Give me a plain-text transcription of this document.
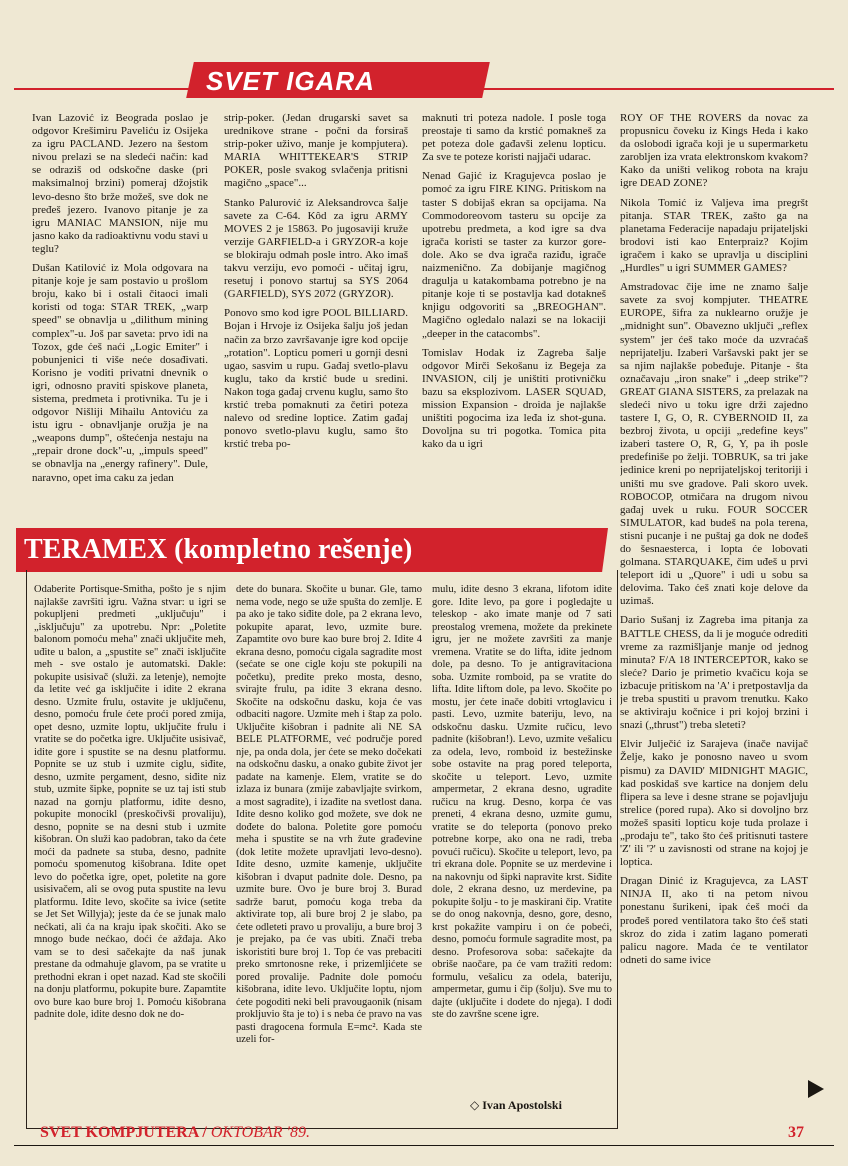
SVET IGARA

Ivan Lazović iz Beograda poslao je odgovor Krešimiru Paveliću iz Osijeka za igru PACLAND. Jezero na šestom nivou prelazi se na sledeći način: kad se odraziš od odskočne daske (pri maksimalnoj brzini) pomeraj džojstik levo-desno što brže možeš, sve dok ne pređeš jezero. Ivanovo pitanje je za igru MANIAC MANSION, nije mu jasno kako da radioaktivnu vodu stavi u teglu?

Dušan Katilović iz Mola odgovara na pitanje koje je sam postavio u prošlom broju, kako bi i ostali čitaoci imali koristi od toga: STAR TREK, „warp speed" se obnavlja u „dilithum mining complex"-u. Još par saveta: prvo idi na Tozox, gde ćeš naći „Logic Emiter" i pobunjenici ti više neće dosađivati. Korisno je voditi privatni dnevnik o igri, odnosno praviti spiskove planeta, sistema, predmeta i protivnika. Tu je i odgovor Nišliji Mihailu Antoviću za istu igru - obnavljanje oružja je na „weapons dump", oštećenja nestaju na „repair drone dock"-u, „impuls speed" se obnavlja na „energy rafinery". Dule, naravno, opet ima caku za jedan

strip-poker. (Jedan drugarski savet sa urednikove strane - počni da forsiraš strip-poker uživo, manje je kompjutera). MARIA WHITTEKEAR'S STRIP POKER, posle svakog svlačenja pritisni magično „space"...

Stanko Palurović iz Aleksandrovca šalje savete za C-64. Kôd za igru ARMY MOVES 2 je 15863. Po jugosaviji kruže verzije GARFIELD-a i GRYZOR-a koje se blokiraju odmah posle intro. Ako imaš takvu verziju, evo pomoći - učitaj igru, resetuj i ponovo startuj sa SYS 2064 (GARFIELD), SYS 2072 (GRYZOR).

Ponovo smo kod igre POOL BILLIARD. Bojan i Hrvoje iz Osijeka šalju još jedan način za brzo završavanje igre kod opcije „rotation". Lopticu pomeri u gornji desni ugao, sasvim u rupu. Gađaj svetlo-plavu kuglu, tako da krstić bude u sredini. Nakon toga gađaj crvenu kuglu, samo što krstić treba pomaknuti za četiri poteza nalevo od sredine loptice. Zatim gađaj ponovo svetlo-plavu kuglu, samo što krstić treba po-

maknuti tri poteza nadole. I posle toga preostaje ti samo da krstić pomakneš za pet poteza dole gađavši zelenu lopticu. Za sve te poteze koristi najjači udarac.

Nenad Gajić iz Kragujevca poslao je pomoć za igru FIRE KING. Pritiskom na taster S dobijaš ekran sa opcijama. Na Commodoreovom tasteru su opcije za upotrebu predmeta, a kod igre sa dva igrača koristi se taster za kurzor gore-dole. Ako se dva igrača raziđu, igrače naizmenično. Za dobijanje magičnog dragulja u katakombama potrebno je na pitanje koje ti se postavlja kad dotakneš knjigu odgovoriti sa „BREOGHAN". Magično ogledalo nalazi se na lokaciji „deeper in the catacombs".

Tomislav Hodak iz Zagreba šalje odgovor Mirči Sekošanu iz Begeja za INVASION, cilj je uništiti protivničku bazu sa eksplozivom. LASER SQUAD, mission Expansion - droida je najlakše uništiti pogocima iza leđa iz shot-guna. Dovoljna su tri pogotka. Tomica pita kako da u igri

ROY OF THE ROVERS da novac za propusnicu čoveku iz Kings Heda i kako da oslobodi igrača koji je u supermarketu zarobljen iza vrata elektronskom kvakom? Kako da uništi velikog robota na kraju igre DEAD ZONE?

Nikola Tomić iz Valjeva ima pregršt pitanja. STAR TREK, zašto ga na planetama Federacije napadaju prijateljski brodovi isti kao Enterpraiz? Kojim igračem i kako se upravlja u disciplini „Hurdles" u igri SUMMER GAMES?

Amstradovac čije ime ne znamo šalje savete za svoj kompjuter. THEATRE EUROPE, šifra za nuklearno oružje je „midnight sun". Obavezno uključi „reflex system" jer ćeš tako moće da uzvraćaš neprijatelju. Izaberi Varšavski pakt jer se sa njim najlakše pobeđuje. Pitanje - šta označavaju „iron snake" i „deep strike"? GREAT GIANA SISTERS, za prelazak na sledeći nivo u toku igre drži zajedno tastere I, G, O, R. CYBERNOID II, za bezbroj života, u opciji „redefine keys" izaberi tastere O, R, G, Y, pa ih posle predefiniše po želji. TOBRUK, sa tri jake jedinice kreni po neprijateljskoj teritoriji i uništi mu sve gradove. Pali skoro uvek. ROBOCOP, otmičara na drugom nivou gađaj uvek u ruku. FOUR SOCCER SIMULATOR, kad budeš na pola terena, stisni pucanje i ne puštaj ga dok ne dođeš do šesnaesterca, i lopta će lobovati golmana. STARQUAKE, čim uđeš u prvi teleport idi u „Quore" i udi u sobu sa delovima. Tako ćeš znati koje delove da uzimaš.

Dario Sušanj iz Zagreba ima pitanja za BATTLE CHESS, da li je moguće odrediti vreme za razmišljanje manje od jednog minuta? F/A 18 INTERCEPTOR, kako se sleće? Dario je primetio kvačicu koja se izbacuje pritiskom na 'A' i pretpostavlja da je treba spustiti u pravom trenutku. Kako se aktiviraju kočnice i pri kojoj brzini i snazi („thrust") treba sleteti?

Elvir Julječić iz Sarajeva (inače navijač Želje, kako je ponosno naveo u svom pismu) za DAVID' MIDNIGHT MAGIC, kad poskidaš sve kartice na donjem delu flipera sa leve i desne strane se pojavljuju strelice (pored rupa). Ako si dovoljno brz možeš spasiti lopticu koje tuda prolaze i „prodaju te", tako što ćeš pritisnuti tastere 'Z' ili '?' u zavisnosti od strane na kojoj je loptica.

Dragan Dinić iz Kragujevca, za LAST NINJA II, ako ti na petom nivou ponestanu šurikeni, ipak ćeš moći da prođeš pored ventilatora tako što ćeš stati skroz do zida i zatim lagano pomerati palicu nagore. Mada će te ventilator odneti do same ivice

TERAMEX (kompletno rešenje)

Odaberite Portisque-Smitha, pošto je s njim najlakše završiti igru. Važna stvar: u igri se pokupljeni predmeti „uključuju" i „isključuju" za upotrebu. Npr: „Poletite balonom pomoću meha" znači uključite meh, uđite u balon, a „spustite se" znači isključite meh - sve ostalo je automatski. Dakle: pokupite usisivač (služi. za letenje), nemojte da letite već ga isključite i idite 2 ekrana desno. Uzmite frulu, ostavite je uključenu, desno, pomoću frule ćete proći pored zmija, opet desno, uzmite loptu, uključite frulu i vratite se do početka igre. Uključite usisivač, idite gore i spustite se na desnu platformu. Popnite se uz stub i uzmite ciglu, siđite, desno, uzmite pergament, desno, siđite niz stub, uzmite šipke, popnite se uz taj isti stub nazad na gornju platformu, idite desno, pokupite monocikl (preskočivši provaliju), desno, popnite se na desni stub i uzmite kišobran. On služi kao padobran, tako da ćete moći da padnete sa stuba, desno, padnite pomoću spomenutog kišobrana. Idite opet levo do početka igre, opet, poletite na gore usisivačem, ali se ovog puta spustite na levu platformu. Idite levo, skočite sa ivice (setite se Jet Set Willyja); jeste da će se junak malo nećkati, ali ća na kraju ipak skočiti. Ako se mnogo bude nećkao, doći će ažđaja. Ako vam se to desi sačekajte da naš junak prestane da odmahuje glavom, pa se vratite u prethodni ekran i opet nazad. Kad ste skočili na donju platformu, pokupite bure. Zapamtite ovo bure kao bure broj 1. Pomoću kišobrana padnite dole, idite desno dok ne do-

dete do bunara. Skočite u bunar. Gle, tamo nema vode, nego se uže spušta do zemlje. E pa ako je tako siđite dole, pa 2 ekrana levo, pokupite aparat, levo, uzmite bure. Zapamtite ovo bure kao bure broj 2. Idite 4 ekrana desno, pomoću cigala sagradite most (sećate se one cigle koju ste pokupili na početku), predite preko mosta, desno, svirajte frulu, pa idite 3 ekrana desno. Skočite na odskočnu dasku, koja će vas odbaciti nagore. Uzmite meh i štap za polo. Uključite kišobran i padnite ali NE SA BELE PLATFORME, već područje pored nje, pa onda dola, jer ćete se meko dočekati na odskočnu dasku, a onako gubite život jer padate na kamenje. Elem, vratite se do izlaza iz bunara (zmije zabavljajte svirkom, a most sagradite), i izađite na svetlost dana. Idite desno koliko god možete, sve dok ne dođete do balona. Poletite gore pomoću meha i spustite se na vrh žute građevine (dok letite možete upravljati levo-desno). Idite desno, uzmite kamenje, uključite kišobran i dvaput padnite dole. Desno, pa uzmite bure. Ovo je bure broj 3. Burad sadrže barut, pomoću koga treba da aktivirate top, ali bure broj 2 je slabo, pa ćete odleteti pravo u provaliju, a bure broj 3 je prejako, pa će vas ubiti. Znači treba iskoristiti bure broj 1. Top će vas prebaciti preko smrtonosne reke, i prizemljićete se pored provalije. Padnite dole pomoću kišobrana, idite levo. Uključite loptu, njom ćete pogoditi neki beli pravougaonik (nisam prokljuvio šta je to) i s neba će pravo na vas pasti dragocena formula E=mc². Kada ste uzeli for-

mulu, idite desno 3 ekrana, lifotom idite gore. Idite levo, pa gore i pogledajte u teleskop - ako imate manje od 7 sati preostalog vremena, možete da prekinete igru, jer ne možete završiti za manje vremena. Vratite se do lifta, idite jednom dole, pa desno. To je antigravitaciona soba. Uzmite romboid, pa se vratite do lifta. Idite liftom dole, pa levo. Skočite po mostu, jer ćete inače dobiti vrtoglavicu i pasti. Levo, uzmite bateriju, levo, na odskočnu dasku. Uzmite ručicu, levo padnite (kišobran!). Levo, uzmite vešalicu za odela, levo, romboid iz bestežinske sobe ostavite na prag pored teleporta, skočite u teleport. Levo, uzmite ampermetar, 2 ekrana desno, ugradite ručicu na krug. Desno, korpa će vas preneti, 4 ekrana desno, uzmite gumu, vratite se do teleporta (ponovo preko potrebne korpe, ako ona ne radi, treba povući ručicu). Skočite u teleport, levo, pa tri ekrana dole. Popnite se uz merdevine i na nakovnju od šipki napravite krst. Siđite dole, 2 ekrana desno, uz merdevine, pa pokupite šolju - to je maskirani čip. Vratite se do onog nakovnja, desno, gore, desno, krst pokažite vampiru i on će pobeći, desno, pomoću formule sagradite most, pa desno. Profesorova soba: sačekajte da obriše naočare, pa će vam tražiti redom: formulu, vešalicu za odela, bateriju, ampermetar, gumu i čip (šolju). Sve mu to dajte (uključite i dodete do njega). I dođi ste do završne scene igre.

◇ Ivan Apostolski
SVET KOMPJUTERA / OKTOBAR '89.	37
